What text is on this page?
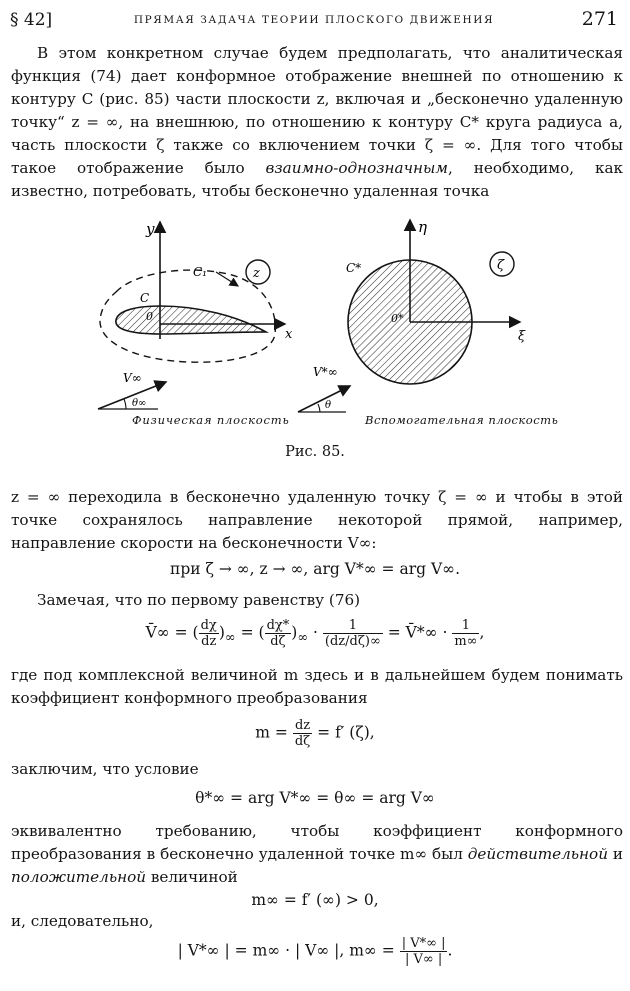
§ 42]	ПРЯМАЯ ЗАДАЧА ТЕОРИИ ПЛОСКОГО ДВИЖЕНИЯ	271
В этом конкретном случае будем предполагать, что аналитическая функция (74) дает конформное отображение внешней по отношению к контуру C (рис. 85) части плоскости z, включая и „бесконечно удаленную точку“ z = ∞, на внешнюю, по отношению к контуру C* круга радиуса a, часть плоскости ζ также со включением точки ζ = ∞. Для того чтобы такое отображение было взаимно-однозначным, необходимо, как известно, потребовать, чтобы бесконечно удаленная точка
y
x
C
0
C₁	z
V∞
θ∞
V*∞
θ
η
ξ
C*
0*
ζ
Физическая плоскость	Вспомогательная плоскость
Рис. 85.
z = ∞ переходила в бесконечно удаленную точку ζ = ∞ и чтобы в этой точке сохранялось направление некоторой прямой, например, направление скорости на бесконечности V∞:
при ζ → ∞, z → ∞, arg V*∞ = arg V∞.
Замечая, что по первому равенству (76)
V̄∞ = ( $\frac{d\chi}{dz} )_\infty$ = ( $\frac{d\chi*}{d\zeta} )_\infty \cdot \frac{1}{(dz/d\zeta)\infty}$ = V̄*∞ · $\frac{1}{m\infty}$ ,
где под комплексной величиной m здесь и в дальнейшем будем понимать коэффициент конформного преобразования
$m = \frac{dz}{d\zeta} = f'$ (ζ),
заключим, что условие
θ*∞ = arg V*∞ = θ∞ = arg V∞
эквивалентно требованию, чтобы коэффициент конформного преобразования в бесконечно удаленной точке m∞ был действительной и положительной величиной
m∞ = f′ (∞) > 0,
и, следовательно,
| V*∞ | = m∞ · | V∞ |, $m\infty = \frac{| V*\infty |}{| V\infty |}$ .
